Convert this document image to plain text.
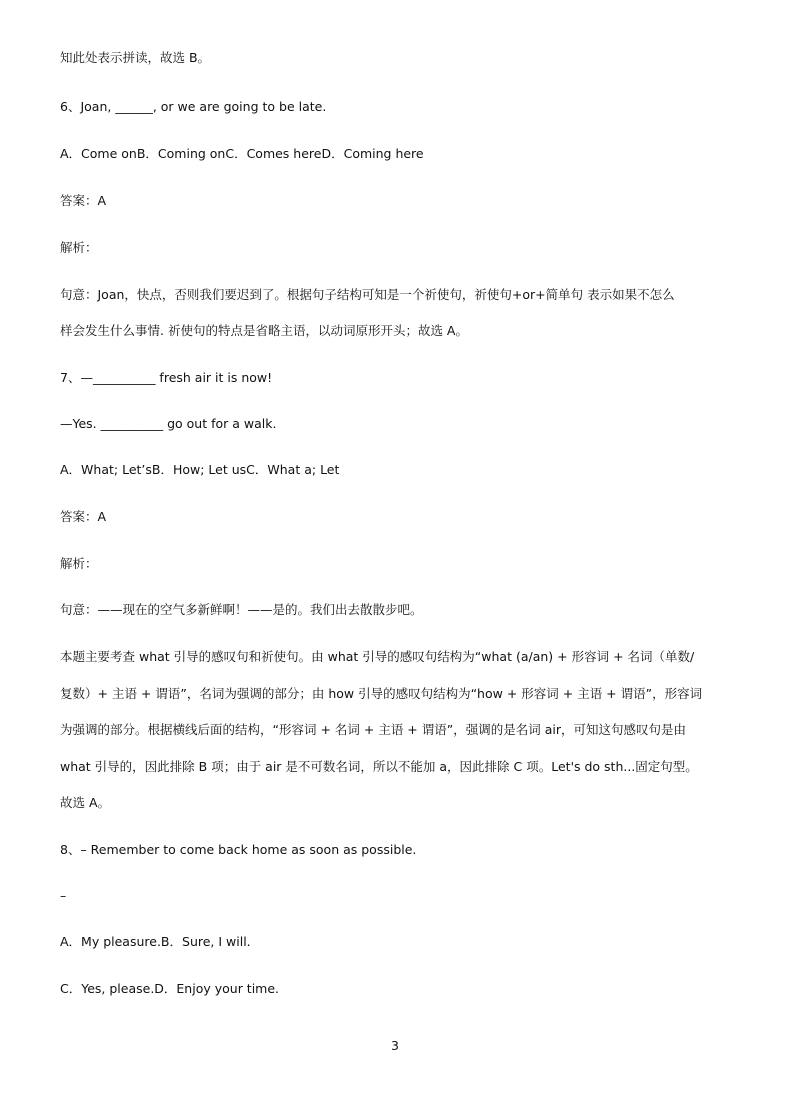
知此处表示拼读，故选 B。
6、Joan, ______, or we are going to be late.
A．Come onB．Coming onC．Comes hereD．Coming here
答案：A
解析：
句意：Joan，快点，否则我们要迟到了。根据句子结构可知是一个祈使句，祈使句+or+简单句 表示如果不怎么
样会发生什么事情. 祈使句的特点是省略主语，以动词原形开头；故选 A。
7、—__________ fresh air it is now!
—Yes. __________ go out for a walk.
A．What; Let’sB．How; Let usC．What a; Let
答案：A
解析：
句意：——现在的空气多新鲜啊！——是的。我们出去散散步吧。
本题主要考查 what 引导的感叹句和祈使句。由 what 引导的感叹句结构为“what (a/an) + 形容词 + 名词（单数/
复数）+ 主语 + 谓语”，名词为强调的部分；由 how 引导的感叹句结构为“how + 形容词 + 主语 + 谓语”，形容词
为强调的部分。根据横线后面的结构，“形容词 + 名词 + 主语 + 谓语”，强调的是名词 air，可知这句感叹句是由
what 引导的，因此排除 B 项；由于 air 是不可数名词，所以不能加 a，因此排除 C 项。Let's do sth...固定句型。
故选 A。
8、– Remember to come back home as soon as possible.
–
A．My pleasure.B．Sure, I will.
C．Yes, please.D．Enjoy your time.
3
